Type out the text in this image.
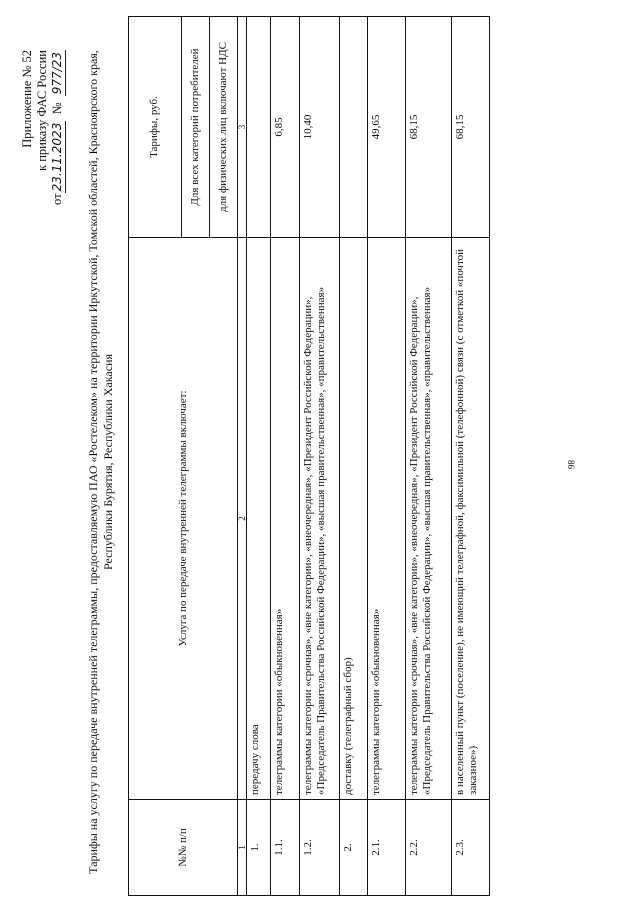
86
Приложение № 52 к приказу ФАС России
от23.11.2023  №  977/23 Тарифы на услугу по передаче внутренней телеграммы, предоставляемую ПАО «Ростелеком» на территории Иркутской, Томской областей, Красноярского края, Республики Бурятия, Республики Хакасия
№№ п/п	Услуга по передаче внутренней телеграммы включает:	Тарифы, руб.
		Для всех категорий потребителей
		для физических лиц включают НДС
1	2	3
1.	передачу слова	
1.1.	телеграммы категории «обыкновенная»	6,85
1.2.	телеграммы категории «срочная», «вне категории», «внеочередная», «Президент Российской Федерации», «Председатель Правительства Российской Федерации», «высшая правительственная», «правительственная»	10,40
2.	доставку (телеграфный сбор)	
2.1.	телеграммы категории «обыкновенная»	49,65
2.2.	телеграммы категории «срочная», «вне категории», «внеочередная», «Президент Российской Федерации», «Председатель Правительства Российской Федерации», «высшая правительственная», «правительственная»	68,15
2.3.	в населенный пункт (поселение), не имеющий телеграфной, факсимильной (телефонной) связи (с отметкой «почтой заказное»)	68,15
